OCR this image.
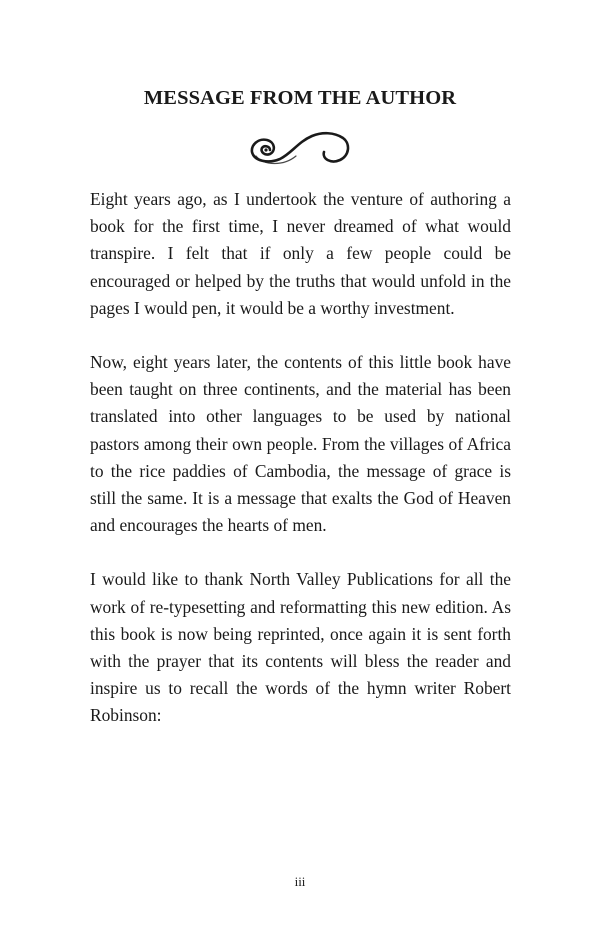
MESSAGE FROM THE AUTHOR

Eight years ago, as I undertook the venture of authoring a book for the first time, I never dreamed of what would transpire. I felt that if only a few people could be encouraged or helped by the truths that would unfold in the pages I would pen, it would be a worthy investment.

Now, eight years later, the contents of this little book have been taught on three continents, and the material has been translated into other languages to be used by national pastors among their own people. From the villages of Africa to the rice paddies of Cambodia, the message of grace is still the same. It is a message that exalts the God of Heaven and encourages the hearts of men.

I would like to thank North Valley Publications for all the work of re-typesetting and reformatting this new edition. As this book is now being reprinted, once again it is sent forth with the prayer that its contents will bless the reader and inspire us to recall the words of the hymn writer Robert Robinson:

iii
